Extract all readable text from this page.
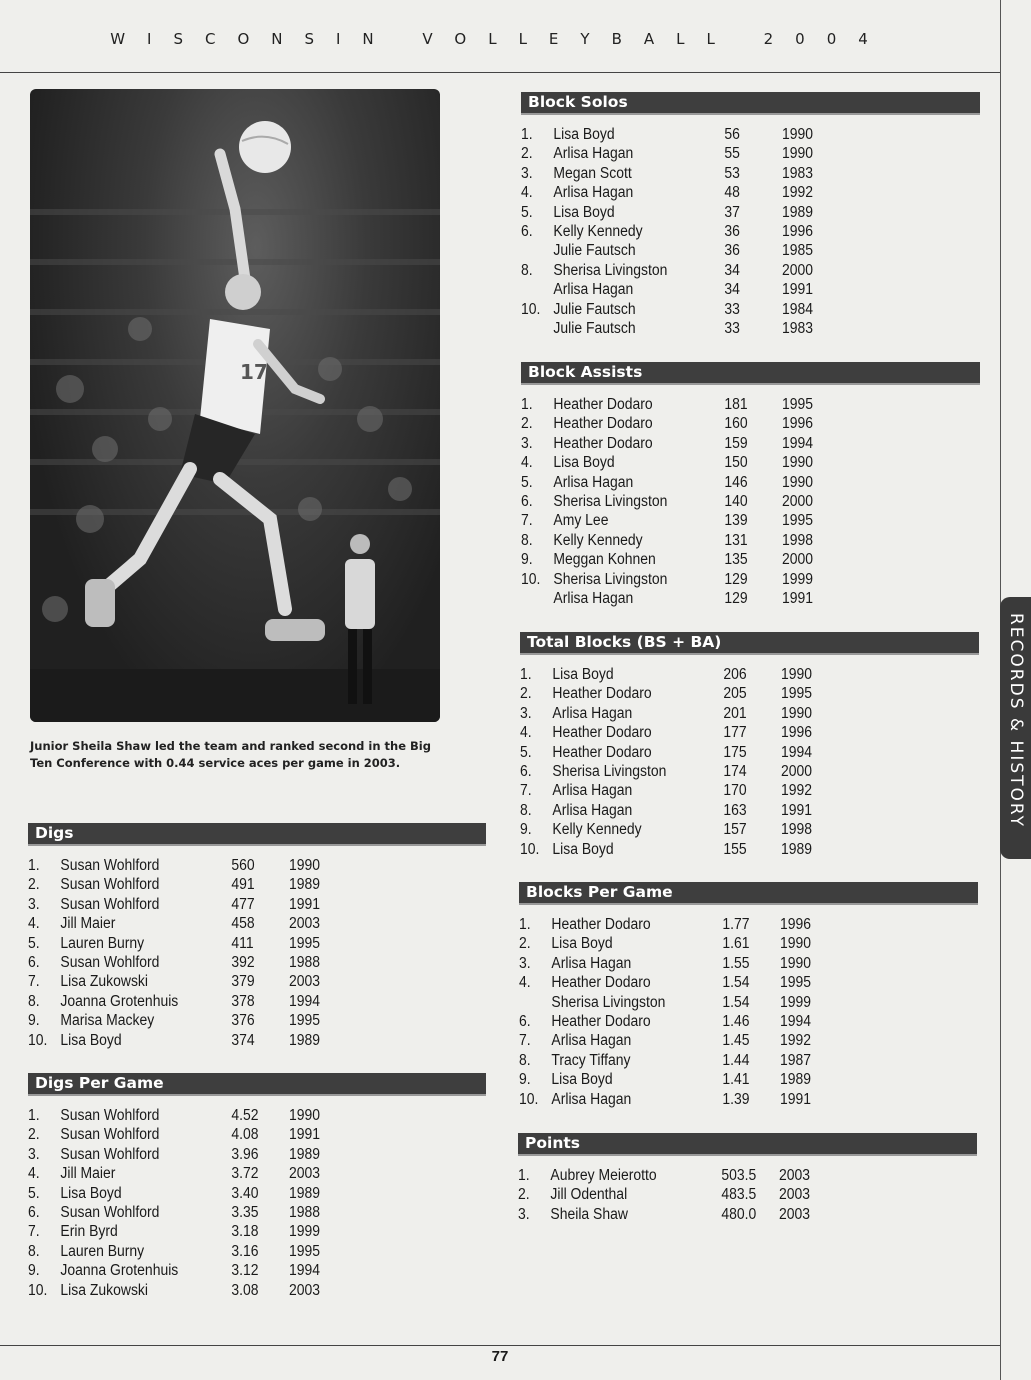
WISCONSIN VOLLEYBALL 2004
17
Junior Sheila Shaw led the team and ranked second in the Big Ten Conference with 0.44 service aces per game in 2003.
Digs
1. Susan Wohlford	560 1990
2. Susan Wohlford	491 1989
3. Susan Wohlford	477 1991
4. Jill Maier	458 2003
5. Lauren Burny	411 1995
6. Susan Wohlford	392 1988
7. Lisa Zukowski	379 2003
8. Joanna Grotenhuis	378 1994
9. Marisa Mackey	376 1995
10. Lisa Boyd	374 1989
Digs Per Game
1. Susan Wohlford	4.52 1990
2. Susan Wohlford	4.08 1991
3. Susan Wohlford	3.96 1989
4. Jill Maier	3.72 2003
5. Lisa Boyd	3.40 1989
6. Susan Wohlford	3.35 1988
7. Erin Byrd	3.18 1999
8. Lauren Burny	3.16 1995
9. Joanna Grotenhuis	3.12 1994
10. Lisa Zukowski	3.08 2003
Block Solos
1. Lisa Boyd	56	1990
2. Arlisa Hagan	55	1990
3. Megan Scott	53	1983
4. Arlisa Hagan	48	1992
5. Lisa Boyd	37	1989
6. Kelly Kennedy	36	1996
Julie Fautsch	36	1985
8. Sherisa Livingston	34	2000
Arlisa Hagan	34	1991
10. Julie Fautsch	33	1984
Julie Fautsch	33	1983
Block Assists
1. Heather Dodaro	181 1995
2. Heather Dodaro	160 1996
3. Heather Dodaro	159 1994
4. Lisa Boyd	150 1990
5. Arlisa Hagan	146 1990
6. Sherisa Livingston	140 2000
7. Amy Lee	139 1995
8. Kelly Kennedy	131 1998
9. Meggan Kohnen	135 2000
10. Sherisa Livingston	129 1999
Arlisa Hagan	129 1991
Total Blocks (BS + BA)
1. Lisa Boyd	206 1990
2. Heather Dodaro	205 1995
3. Arlisa Hagan	201 1990
4. Heather Dodaro	177 1996
5. Heather Dodaro	175 1994
6. Sherisa Livingston	174 2000
7. Arlisa Hagan	170 1992
8. Arlisa Hagan	163 1991
9. Kelly Kennedy	157 1998
10. Lisa Boyd	155 1989
Blocks Per Game
1. Heather Dodaro	1.77 1996
2. Lisa Boyd	1.61 1990
3. Arlisa Hagan	1.55 1990
4. Heather Dodaro	1.54 1995
Sherisa Livingston	1.54 1999
6. Heather Dodaro	1.46 1994
7. Arlisa Hagan	1.45 1992
8. Tracy Tiffany	1.44 1987
9. Lisa Boyd	1.41 1989
10. Arlisa Hagan	1.39 1991
Points
1. Aubrey Meierotto	503.5 2003
2. Jill Odenthal	483.5 2003
3. Sheila Shaw	480.0 2003
RECORDS & HISTORY
77
